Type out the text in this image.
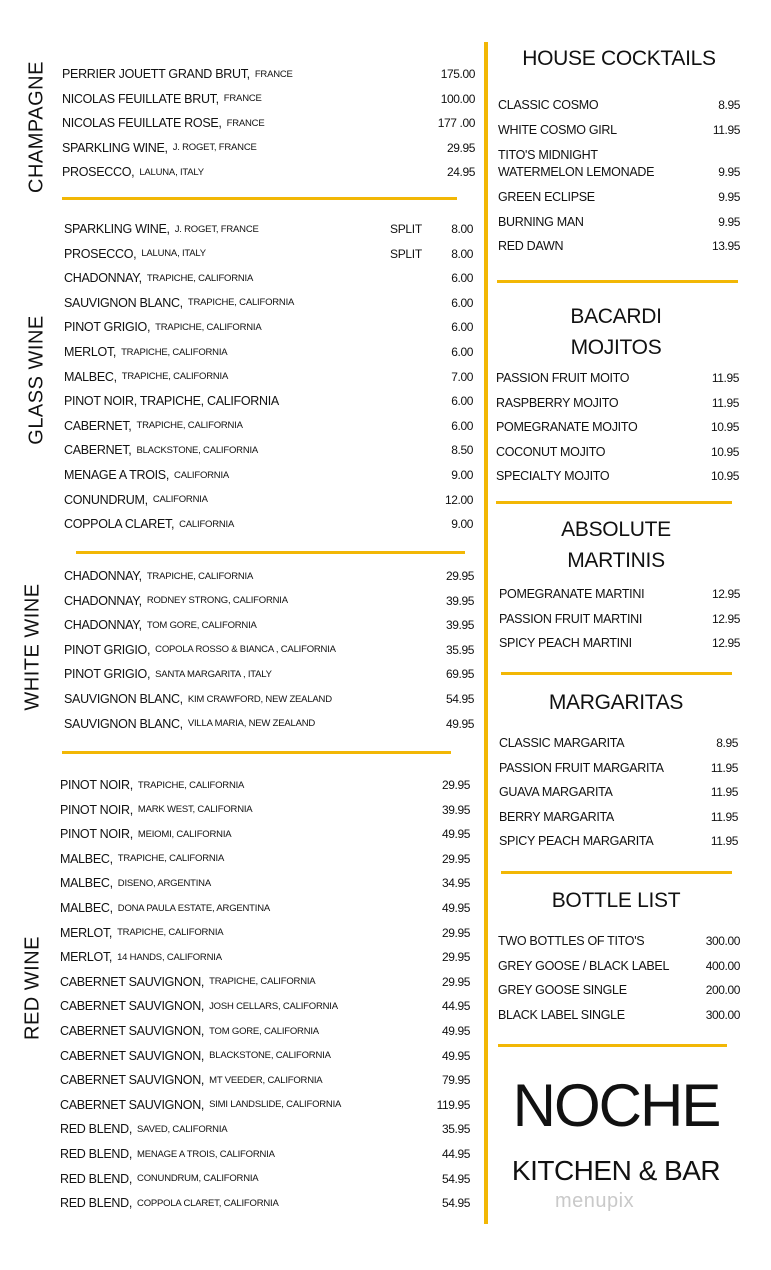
CHAMPAGNE
GLASS WINE
WHITE WINE
RED WINE
HOUSE COCKTAILS
BACARDI
MOJITOS
ABSOLUTE
MARTINIS
MARGARITAS
BOTTLE LIST
NOCHE
KITCHEN & BAR
menupix
PERRIER JOUETT GRAND BRUT, FRANCE	175.00
NICOLAS FEUILLATE BRUT, FRANCE	100.00
NICOLAS FEUILLATE ROSE, FRANCE	177 .00
SPARKLING WINE, J. ROGET, FRANCE	29.95
PROSECCO, LALUNA, ITALY	24.95
SPARKLING WINE, J. ROGET, FRANCE	SPLIT	8.00
PROSECCO, LALUNA, ITALY	SPLIT	8.00
CHADONNAY, TRAPICHE, CALIFORNIA	6.00
SAUVIGNON BLANC, TRAPICHE, CALIFORNIA	6.00
PINOT GRIGIO, TRAPICHE, CALIFORNIA	6.00
MERLOT, TRAPICHE, CALIFORNIA	6.00
MALBEC, TRAPICHE, CALIFORNIA	7.00
PINOT NOIR, TRAPICHE, CALIFORNIA	6.00
CABERNET, TRAPICHE, CALIFORNIA	6.00
CABERNET, BLACKSTONE, CALIFORNIA	8.50
MENAGE A TROIS, CALIFORNIA	9.00
CONUNDRUM, CALIFORNIA	12.00
COPPOLA CLARET, CALIFORNIA	9.00
CHADONNAY, TRAPICHE, CALIFORNIA	29.95
CHADONNAY, RODNEY STRONG, CALIFORNIA	39.95
CHADONNAY, TOM GORE, CALIFORNIA	39.95
PINOT GRIGIO, COPOLA ROSSO & BIANCA , CALIFORNIA	35.95
PINOT GRIGIO, SANTA MARGARITA , ITALY	69.95
SAUVIGNON BLANC, KIM CRAWFORD, NEW ZEALAND	54.95
SAUVIGNON BLANC, VILLA MARIA, NEW ZEALAND	49.95
PINOT NOIR, TRAPICHE, CALIFORNIA	29.95
PINOT NOIR, MARK WEST, CALIFORNIA	39.95
PINOT NOIR, MEIOMI, CALIFORNIA	49.95
MALBEC, TRAPICHE, CALIFORNIA	29.95
MALBEC, DISENO, ARGENTINA	34.95
MALBEC, DONA PAULA ESTATE, ARGENTINA	49.95
MERLOT, TRAPICHE, CALIFORNIA	29.95
MERLOT, 14 HANDS, CALIFORNIA	29.95
CABERNET SAUVIGNON, TRAPICHE, CALIFORNIA	29.95
CABERNET SAUVIGNON, JOSH CELLARS, CALIFORNIA	44.95
CABERNET SAUVIGNON, TOM GORE, CALIFORNIA	49.95
CABERNET SAUVIGNON, BLACKSTONE, CALIFORNIA	49.95
CABERNET SAUVIGNON, MT VEEDER, CALIFORNIA	79.95
CABERNET SAUVIGNON, SIMI LANDSLIDE, CALIFORNIA	119.95
RED BLEND, SAVED, CALIFORNIA	35.95
RED BLEND, MENAGE A TROIS, CALIFORNIA	44.95
RED BLEND, CONUNDRUM, CALIFORNIA	54.95
RED BLEND, COPPOLA CLARET, CALIFORNIA	54.95
CLASSIC COSMO	8.95
WHITE COSMO GIRL	11.95
TITO'S MIDNIGHT
WATERMELON LEMONADE	9.95
GREEN ECLIPSE	9.95
BURNING MAN	9.95
RED DAWN	13.95
PASSION FRUIT MOITO	11.95
RASPBERRY MOJITO	11.95
POMEGRANATE MOJITO	10.95
COCONUT MOJITO	10.95
SPECIALTY MOJITO	10.95
POMEGRANATE MARTINI	12.95
PASSION FRUIT MARTINI	12.95
SPICY PEACH MARTINI	12.95
CLASSIC MARGARITA	8.95
PASSION FRUIT MARGARITA	11.95
GUAVA MARGARITA	11.95
BERRY MARGARITA	11.95
SPICY PEACH MARGARITA	11.95
TWO BOTTLES OF TITO'S	300.00
GREY GOOSE / BLACK LABEL	400.00
GREY GOOSE SINGLE	200.00
BLACK LABEL SINGLE	300.00
